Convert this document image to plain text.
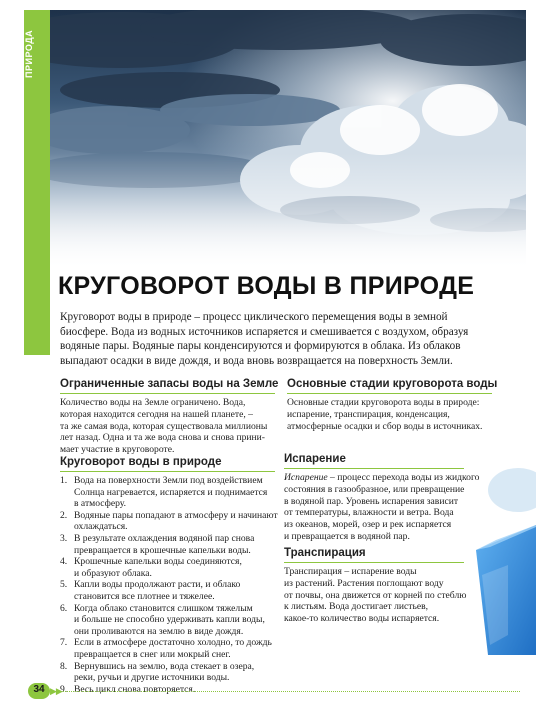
ПРИРОДА
КРУГОВОРОТ ВОДЫ В ПРИРОДЕ
Круговорот воды в природе – процесс циклического перемещения воды в земной
биосфере. Вода из водных источников испаряется и смешивается с воздухом, образуя
водяные пары. Водяные пары конденсируются и формируются в облака. Из облаков
выпадают осадки в виде дождя, и вода вновь возвращается на поверхность Земли.
Ограниченные запасы воды на Земле
Количество воды на Земле ограничено. Вода,
которая находится сегодня на нашей планете, –
та же самая вода, которая существовала миллионы
лет назад. Одна и та же вода снова и снова прини-
мает участие в круговороте.
Основные стадии круговорота воды
Основные стадии круговорота воды в природе:
испарение, транспирация, конденсация,
атмосферные осадки и сбор воды в источниках.
Круговорот воды в природе
1. Вода на поверхности Земли под воздействием
Солнца нагревается, испаряется и поднимается
в атмосферу.
2. Водяные пары попадают в атмосферу и начинают
охлаждаться.
3. В результате охлаждения водяной пар снова
превращается в крошечные капельки воды.
4. Крошечные капельки воды соединяются,
и образуют облака.
5. Капли воды продолжают расти, и облако
становится все плотнее и тяжелее.
6. Когда облако становится слишком тяжелым
и больше не способно удерживать капли воды,
они проливаются на землю в виде дождя.
7. Если в атмосфере достаточно холодно, то дождь
превращается в снег или мокрый снег.
8. Вернувшись на землю, вода стекает в озера,
реки, ручьи и другие источники воды.
9. Весь цикл снова повторяется.
Испарение
Испарение – процесс перехода воды из жидкого
состояния в газообразное, или превращение
в водяной пар. Уровень испарения зависит
от температуры, влажности и ветра. Вода
из океанов, морей, озер и рек испаряется
и превращается в водяной пар.
Транспирация
Транспирация – испарение воды
из растений. Растения поглощают воду
от почвы, она движется от корней по стеблю
к листьям. Вода достигает листьев,
какое-то количество воды испаряется.
34 ▶▶
